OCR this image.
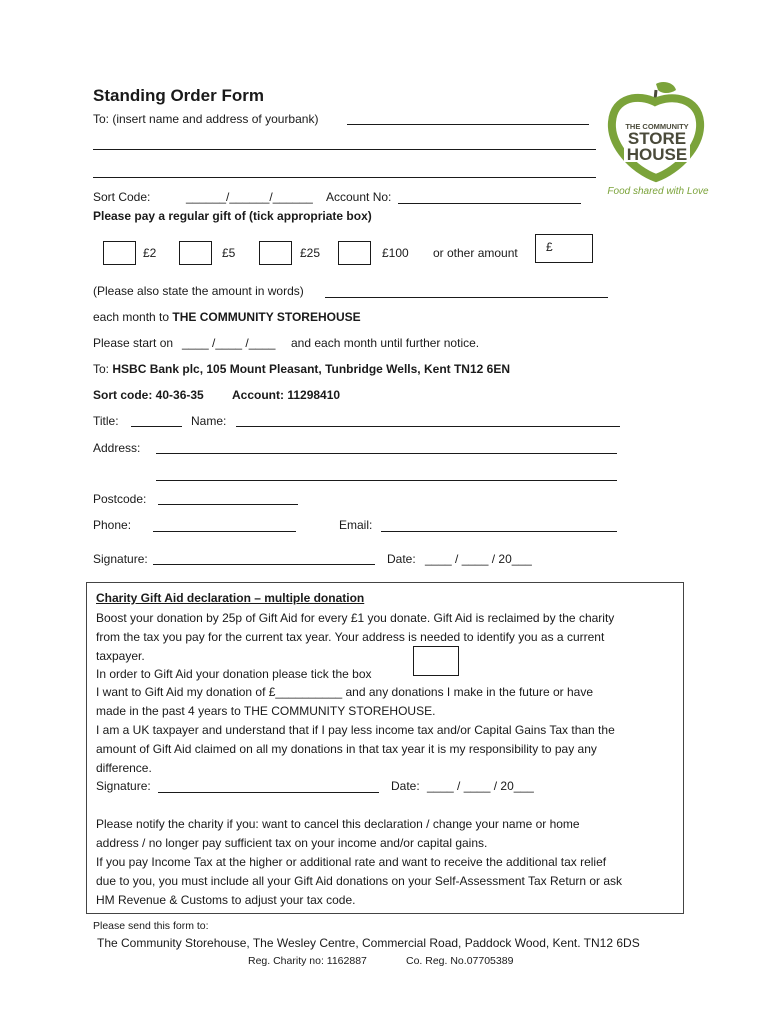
THE COMMUNITY
STORE
HOUSE
Food shared with Love
Standing Order Form
To: (insert name and address of yourbank)
Sort Code:	______/______/______ Account No:
Please pay a regular gift of (tick appropriate box)
£2	£5	£25	£100 or other amount	£
(Please also state the amount in words)
each month to THE COMMUNITY STOREHOUSE
Please start on ____ /____ /____ and each month until further notice.
To: HSBC Bank plc, 105 Mount Pleasant, Tunbridge Wells, Kent TN12 6EN
Sort code: 40-36-35 Account: 11298410
Title:	Name:
Address:
Postcode:
Phone:	Email:
Signature:	Date: ____ / ____ / 20___
Charity Gift Aid declaration – multiple donation
Boost your donation by 25p of Gift Aid for every £1 you donate. Gift Aid is reclaimed by the charity
from the tax you pay for the current tax year. Your address is needed to identify you as a current
taxpayer.
In order to Gift Aid your donation please tick the box
I want to Gift Aid my donation of £__________ and any donations I make in the future or have
made in the past 4 years to THE COMMUNITY STOREHOUSE.
I am a UK taxpayer and understand that if I pay less income tax and/or Capital Gains Tax than the
amount of Gift Aid claimed on all my donations in that tax year it is my responsibility to pay any
difference.
Signature:	Date: ____ / ____ / 20___
Please notify the charity if you: want to cancel this declaration / change your name or home
address / no longer pay sufficient tax on your income and/or capital gains.
If you pay Income Tax at the higher or additional rate and want to receive the additional tax relief
due to you, you must include all your Gift Aid donations on your Self-Assessment Tax Return or ask
HM Revenue & Customs to adjust your tax code.
Please send this form to:
The Community Storehouse, The Wesley Centre, Commercial Road, Paddock Wood, Kent. TN12 6DS
Reg. Charity no: 1162887	Co. Reg. No.07705389
